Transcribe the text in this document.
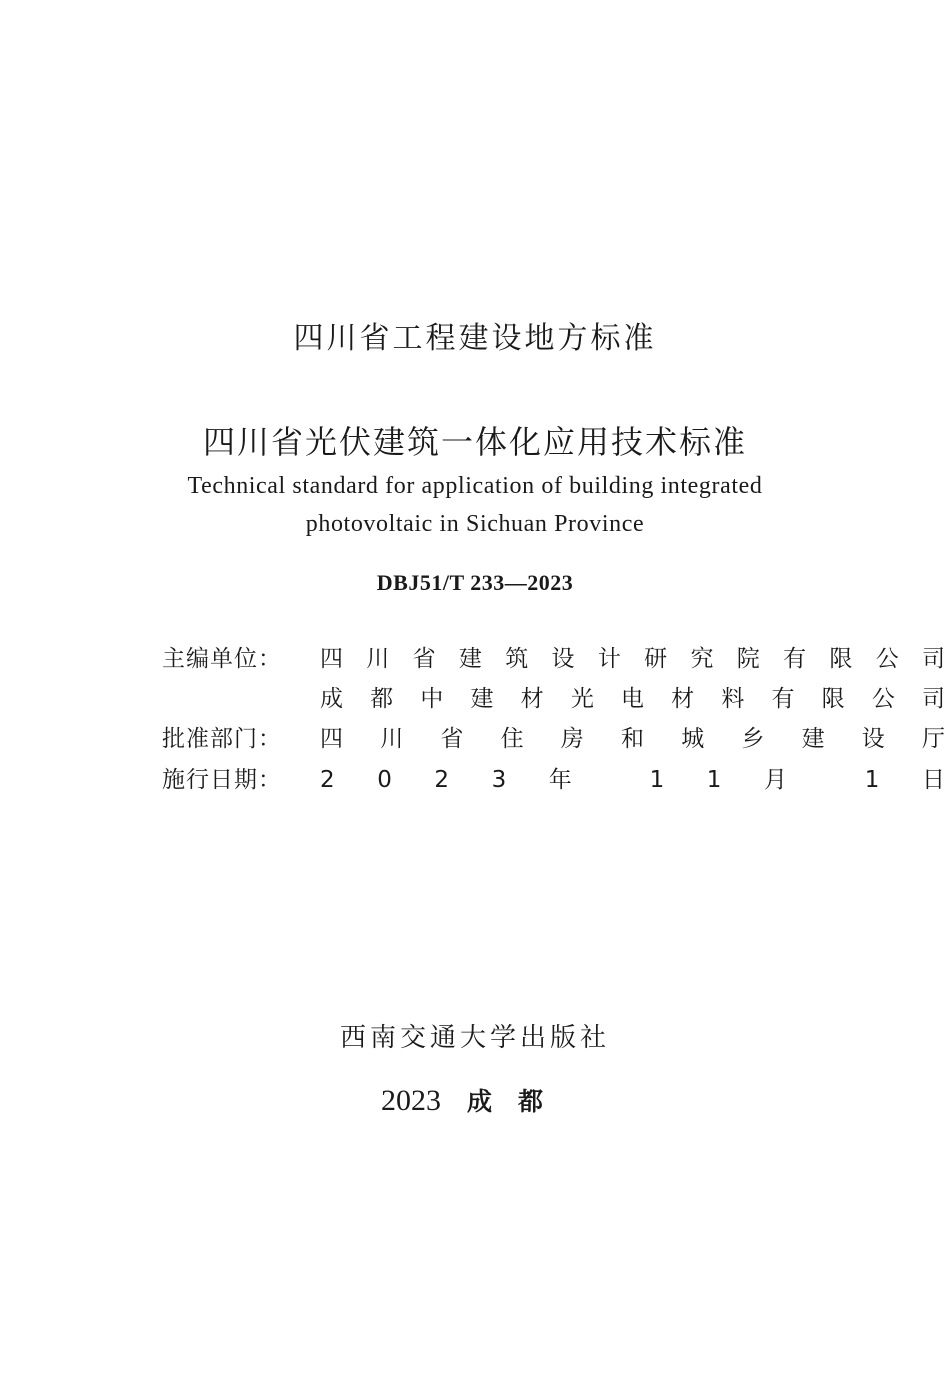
四川省工程建设地方标准
四川省光伏建筑一体化应用技术标准
Technical standard for application of building integrated
photovoltaic in Sichuan Province
DBJ51/T 233—2023
主编单位： 四 川 省 建 筑 设 计 研 究 院 有 限 公 司
成 都 中 建 材 光 电 材 料 有 限 公 司
批准部门： 四 川 省 住 房 和 城 乡 建 设 厅
施行日期： 2 0 2 3 年 1 1 月 1 日
西南交通大学出版社
2023 成都
